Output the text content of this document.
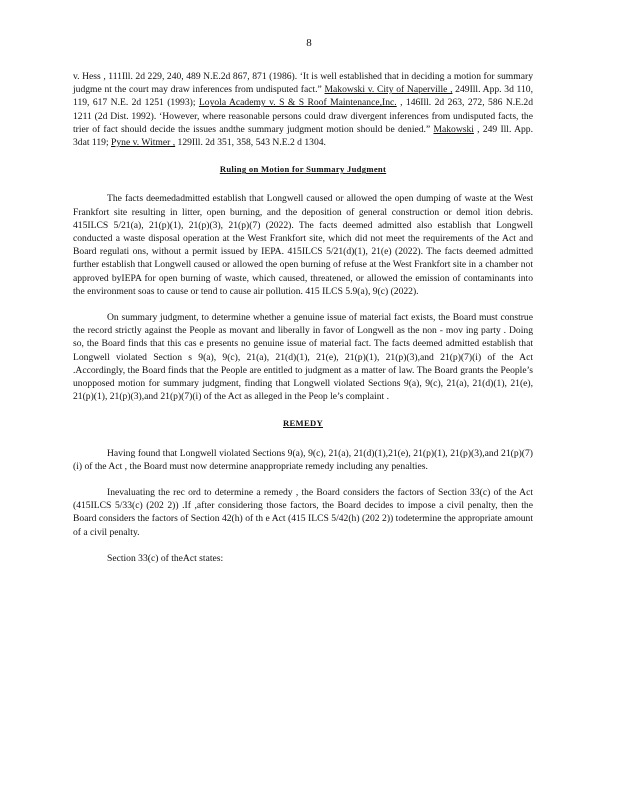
8

v. Hess , 111Ill. 2d 229, 240, 489 N.E.2d 867, 871 (1986). ‘It is well established that in deciding a motion for summary judgme nt the court may draw inferences from undisputed fact.” Makowski v. City of Naperville , 249Ill. App. 3d 110, 119, 617 N.E. 2d 1251 (1993); Loyola Academy v. S & S Roof Maintenance,Inc. , 146Ill. 2d 263, 272, 586 N.E.2d 1211 (2d Dist. 1992). ‘However, where reasonable persons could draw divergent inferences from undisputed facts, the trier of fact should decide the issues andthe summary judgment motion should be denied.” Makowski , 249 Ill. App. 3dat 119; Pyne v. Witmer , 129Ill. 2d 351, 358, 543 N.E.2 d 1304.

Ruling on Motion for Summary Judgment

The facts deemedadmitted establish that Longwell caused or allowed the open dumping of waste at the West Frankfort site resulting in litter, open burning, and the deposition of general construction or demol ition debris. 415ILCS 5/21(a), 21(p)(1), 21(p)(3), 21(p)(7) (2022). The facts deemed admitted also establish that Longwell conducted a waste disposal operation at the West Frankfort site, which did not meet the requirements of the Act and Board regulati ons, without a permit issued by IEPA. 415ILCS 5/21(d)(1), 21(e) (2022). The facts deemed admitted further establish that Longwell caused or allowed the open burning of refuse at the West Frankfort site in a chamber not approved byIEPA for open burning of waste, which caused, threatened, or allowed the emission of contaminants into the environment soas to cause or tend to cause air pollution. 415 ILCS 5.9(a), 9(c) (2022).

On summary judgment, to determine whether a genuine issue of material fact exists, the Board must construe the record strictly against the People as movant and liberally in favor of Longwell as the non - mov ing party . Doing so, the Board finds that this cas e presents no genuine issue of material fact. The facts deemed admitted establish that Longwell violated Section s 9(a), 9(c), 21(a), 21(d)(1), 21(e), 21(p)(1), 21(p)(3),and 21(p)(7)(i) of the Act .Accordingly, the Board finds that the People are entitled to judgment as a matter of law. The Board grants the People’s unopposed motion for summary judgment, finding that Longwell violated Sections 9(a), 9(c), 21(a), 21(d)(1), 21(e), 21(p)(1), 21(p)(3),and 21(p)(7)(i) of the Act as alleged in the Peop le’s complaint .

REMEDY

Having found that Longwell violated Sections 9(a), 9(c), 21(a), 21(d)(1),21(e), 21(p)(1), 21(p)(3),and 21(p)(7)(i) of the Act , the Board must now determine anappropriate remedy including any penalties.

Inevaluating the rec ord to determine a remedy , the Board considers the factors of Section 33(c) of the Act (415ILCS 5/33(c) (202 2)) .If ,after considering those factors, the Board decides to impose a civil penalty, then the Board considers the factors of Section 42(h) of th e Act (415 ILCS 5/42(h) (202 2)) todetermine the appropriate amount of a civil penalty.

Section 33(c) of theAct states:
